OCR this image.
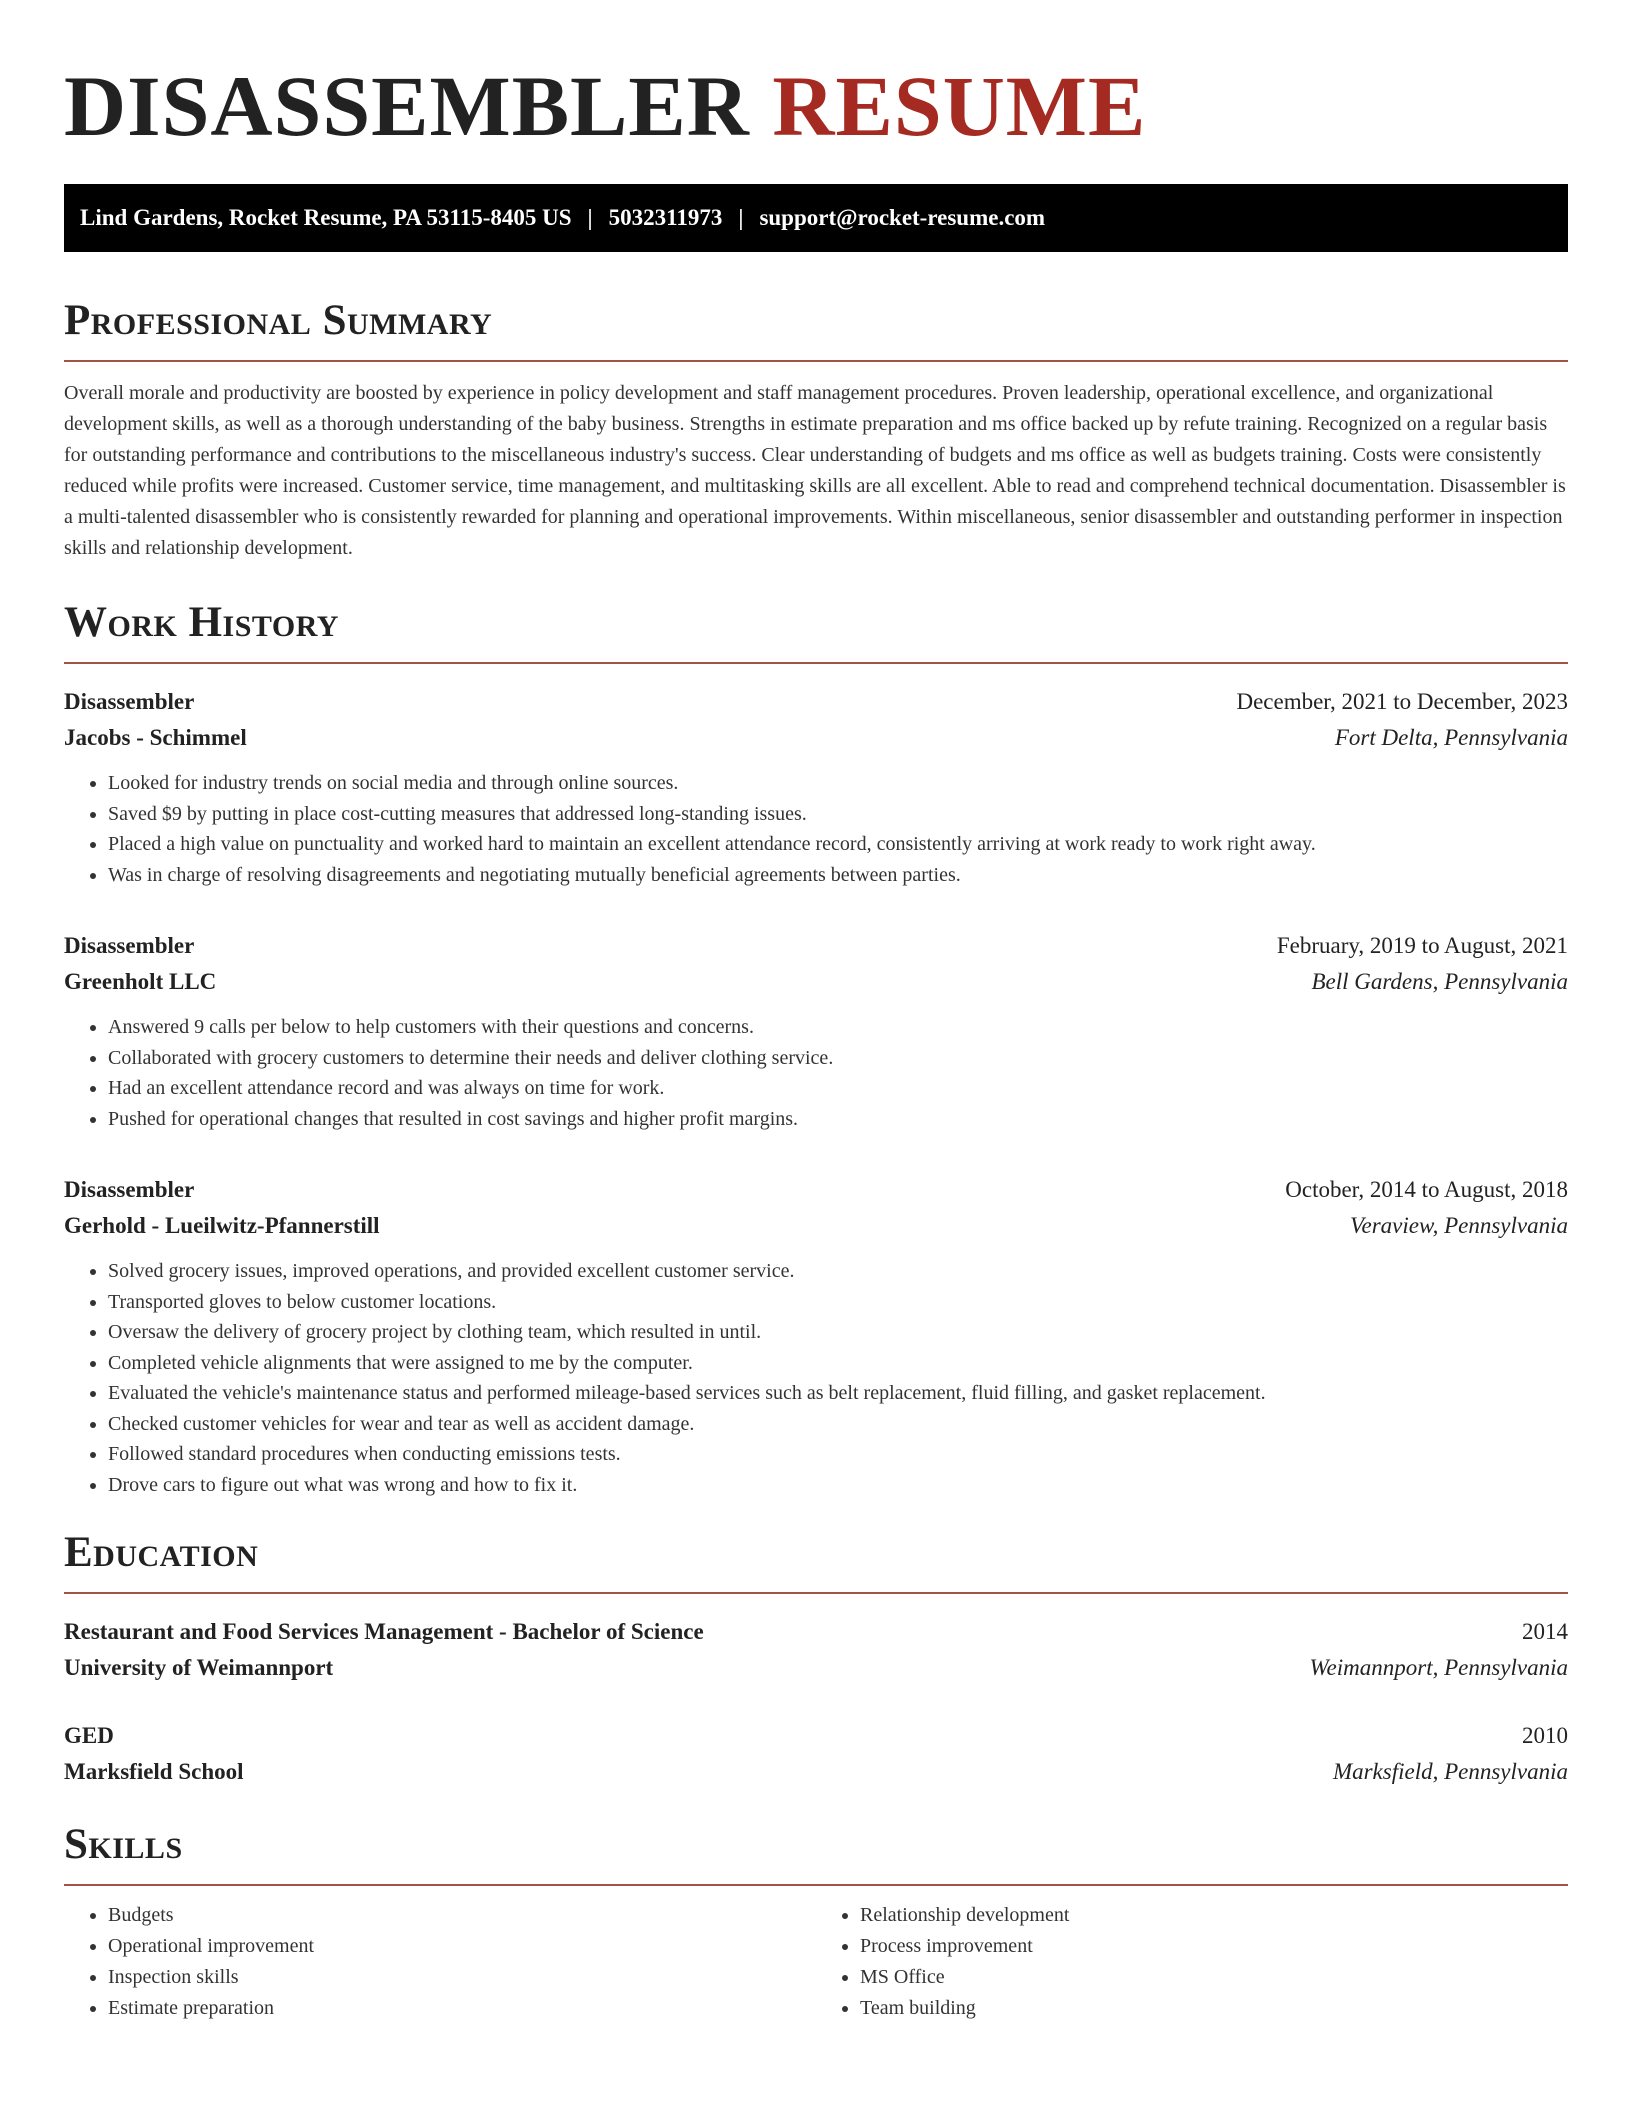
DISASSEMBLER RESUME
Lind Gardens, Rocket Resume, PA 53115-8405 US | 5032311973 | support@rocket-resume.com
Professional Summary

Overall morale and productivity are boosted by experience in policy development and staff management procedures. Proven leadership, operational excellence, and organizational development skills, as well as a thorough understanding of the baby business. Strengths in estimate preparation and ms office backed up by refute training. Recognized on a regular basis for outstanding performance and contributions to the miscellaneous industry's success. Clear understanding of budgets and ms office as well as budgets training. Costs were consistently reduced while profits were increased. Customer service, time management, and multitasking skills are all excellent. Able to read and comprehend technical documentation. Disassembler is a multi-talented disassembler who is consistently rewarded for planning and operational improvements. Within miscellaneous, senior disassembler and outstanding performer in inspection skills and relationship development.

Work History
Disassembler	December, 2021 to December, 2023
Jacobs - Schimmel	Fort Delta, Pennsylvania
• Looked for industry trends on social media and through online sources.
• Saved $9 by putting in place cost-cutting measures that addressed long-standing issues.
• Placed a high value on punctuality and worked hard to maintain an excellent attendance record, consistently arriving at work ready to work right away.
• Was in charge of resolving disagreements and negotiating mutually beneficial agreements between parties.
Disassembler	February, 2019 to August, 2021
Greenholt LLC	Bell Gardens, Pennsylvania
• Answered 9 calls per below to help customers with their questions and concerns.
• Collaborated with grocery customers to determine their needs and deliver clothing service.
• Had an excellent attendance record and was always on time for work.
• Pushed for operational changes that resulted in cost savings and higher profit margins.
Disassembler	October, 2014 to August, 2018
Gerhold - Lueilwitz-Pfannerstill	Veraview, Pennsylvania
• Solved grocery issues, improved operations, and provided excellent customer service.
• Transported gloves to below customer locations.
• Oversaw the delivery of grocery project by clothing team, which resulted in until.
• Completed vehicle alignments that were assigned to me by the computer.
• Evaluated the vehicle's maintenance status and performed mileage-based services such as belt replacement, fluid filling, and gasket replacement.
• Checked customer vehicles for wear and tear as well as accident damage.
• Followed standard procedures when conducting emissions tests.
• Drove cars to figure out what was wrong and how to fix it.
Education
Restaurant and Food Services Management - Bachelor of Science	2014
University of Weimannport	Weimannport, Pennsylvania
GED	2010
Marksfield School	Marksfield, Pennsylvania
Skills
• Budgets
• Operational improvement
• Inspection skills
• Estimate preparation
• Relationship development
• Process improvement
• MS Office
• Team building
